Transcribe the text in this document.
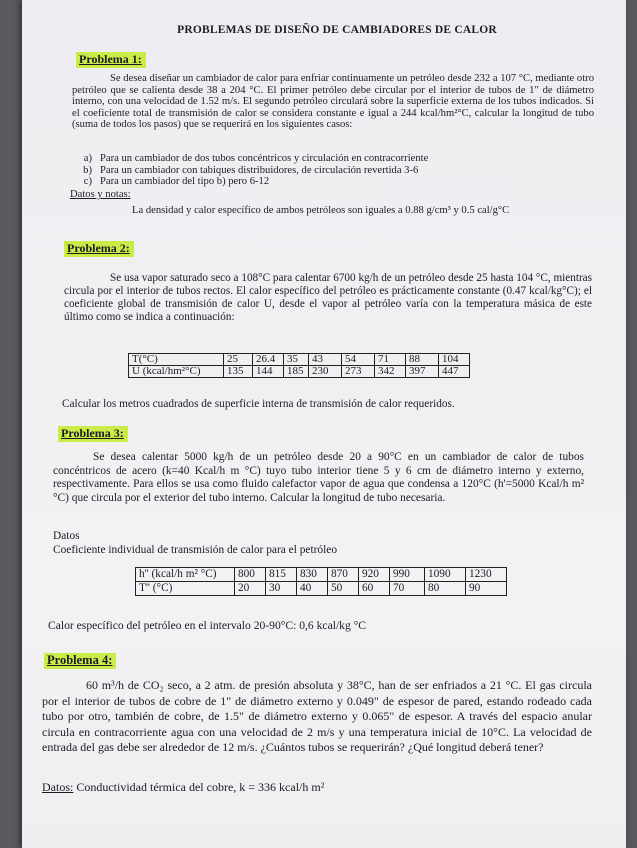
PROBLEMAS DE DISEÑO DE CAMBIADORES DE CALOR
Problema 1:
Se desea diseñar un cambiador de calor para enfriar continuamente un petróleo desde 232 a 107 °C, mediante otro petróleo que se calienta desde 38 a 204 °C. El primer petróleo debe circular por el interior de tubos de 1" de diámetro interno, con una velocidad de 1.52 m/s. El segundo petróleo circulará sobre la superficie externa de los tubos indicados. Si el coeficiente total de transmisión de calor se considera constante e igual a 244 kcal/hm²°C, calcular la longitud de tubo (suma de todos los pasos) que se requerirá en los siguientes casos:
a) Para un cambiador de dos tubos concéntricos y circulación en contracorriente
b) Para un cambiador con tabiques distribuidores, de circulación revertida 3-6
c) Para un cambiador del tipo b) pero 6-12
Datos y notas:
La densidad y calor específico de ambos petróleos son iguales a 0.88 g/cm³ y 0.5 cal/g°C
Problema 2:
Se usa vapor saturado seco a 108°C para calentar 6700 kg/h de un petróleo desde 25 hasta 104 °C, mientras circula por el interior de tubos rectos. El calor específico del petróleo es prácticamente constante (0.47 kcal/kg°C); el coeficiente global de transmisión de calor U, desde el vapor al petróleo varía con la temperatura másica de este último como se indica a continuación:
T(°C)	25	26.4	35	43	54	71	88	104
U (kcal/hm²°C)	135	144	185	230	273	342	397	447
Calcular los metros cuadrados de superficie interna de transmisión de calor requeridos.
Problema 3:
Se desea calentar 5000 kg/h de un petróleo desde 20 a 90°C en un cambiador de calor de tubos concéntricos de acero (k=40 Kcal/h m °C) tuyo tubo interior tiene 5 y 6 cm de diámetro interno y externo, respectivamente. Para ellos se usa como fluido calefactor vapor de agua que condensa a 120°C (h'=5000 Kcal/h m² °C) que circula por el exterior del tubo interno. Calcular la longitud de tubo necesaria.
Datos
Coeficiente individual de transmisión de calor para el petróleo
h'' (kcal/h m² °C)	800	815	830	870	920	990	1090	1230
T'' (°C)	20	30	40	50	60	70	80	90
Calor específico del petróleo en el intervalo 20-90°C: 0,6 kcal/kg °C
Problema 4:
60 m³/h de CO₂ seco, a 2 atm. de presión absoluta y 38°C, han de ser enfriados a 21 °C. El gas circula por el interior de tubos de cobre de 1" de diámetro externo y 0.049" de espesor de pared, estando rodeado cada tubo por otro, también de cobre, de 1.5" de diámetro externo y 0.065" de espesor. A través del espacio anular circula en contracorriente agua con una velocidad de 2 m/s y una temperatura inicial de 10°C. La velocidad de entrada del gas debe ser alrededor de 12 m/s. ¿Cuántos tubos se requerirán? ¿Qué longitud deberá tener?
Datos: Conductividad térmica del cobre, k = 336 kcal/h m²
